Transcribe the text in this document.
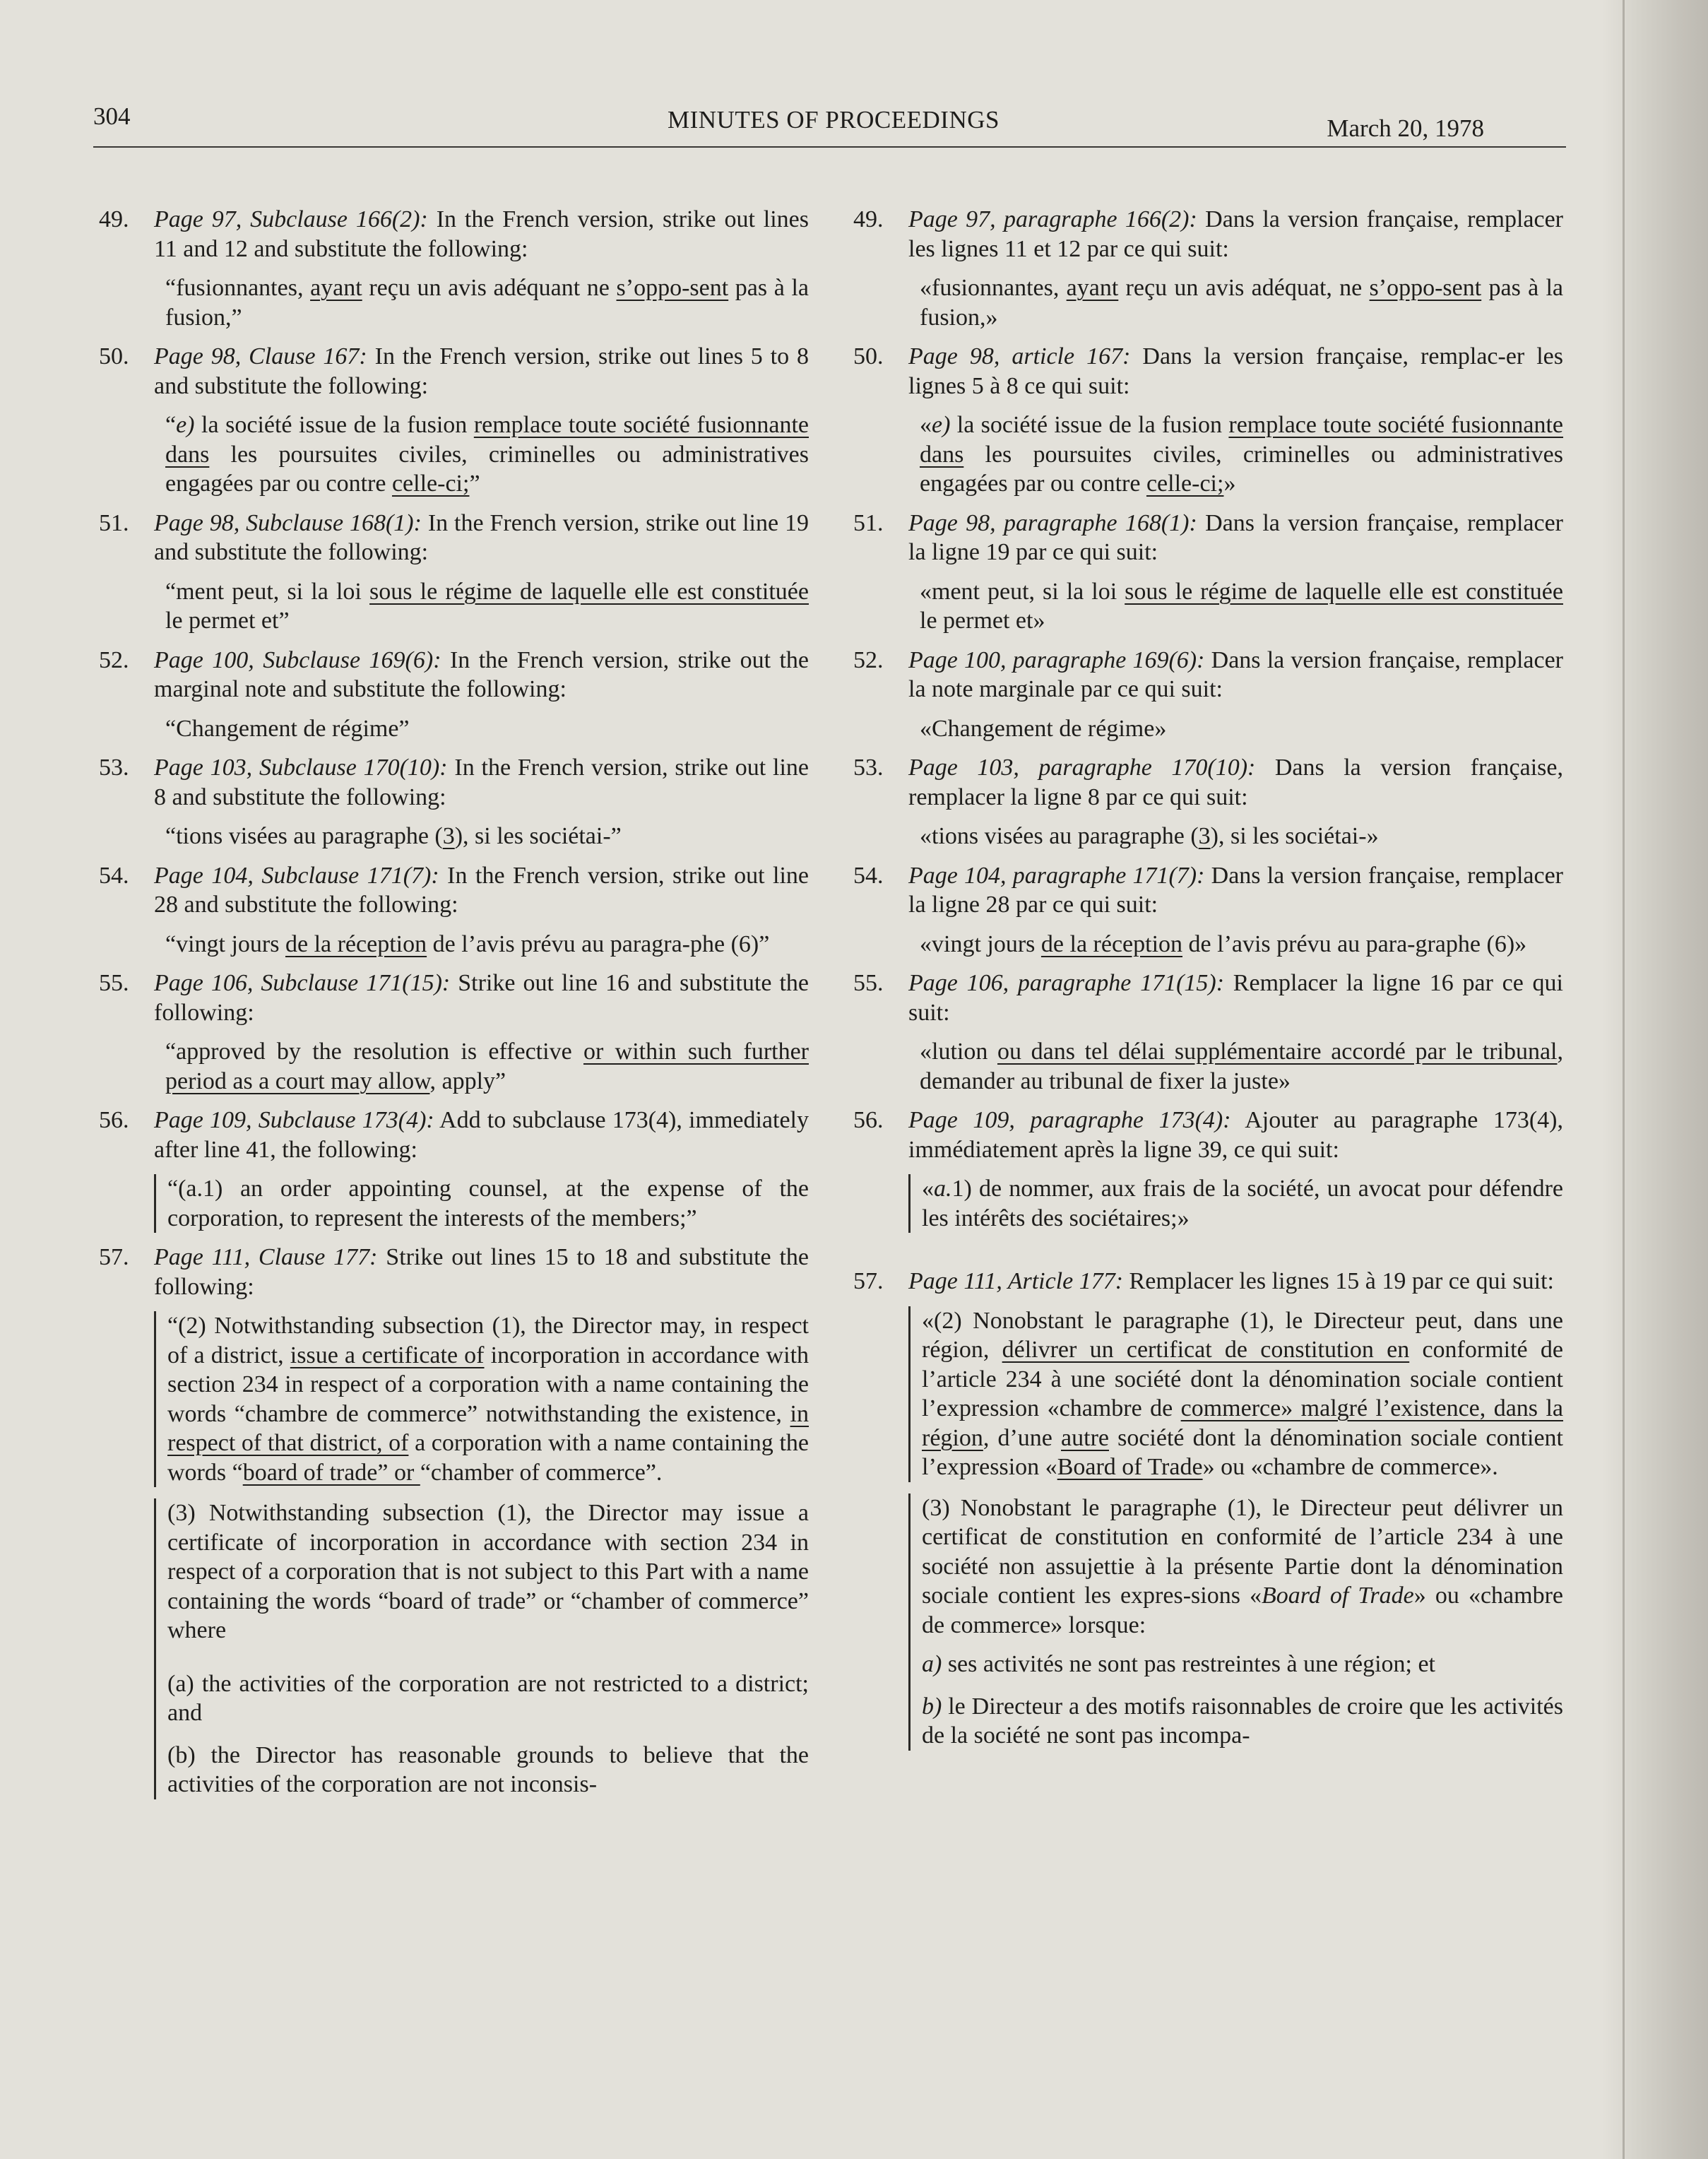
304	MINUTES OF PROCEEDINGS	March 20, 1978
49.	Page 97, Subclause 166(2): In the French version, strike out lines 11 and 12 and substitute the following:
“fusionnantes, ayant reçu un avis adéquant ne s’oppo-sent pas à la fusion,”
50.	Page 98, Clause 167: In the French version, strike out lines 5 to 8 and substitute the following:
“e) la société issue de la fusion remplace toute société fusionnante dans les poursuites civiles, criminelles ou administratives engagées par ou contre celle-ci;”
51.	Page 98, Subclause 168(1): In the French version, strike out line 19 and substitute the following:
“ment peut, si la loi sous le régime de laquelle elle est constituée le permet et”
52.	Page 100, Subclause 169(6): In the French version, strike out the marginal note and substitute the following:
“Changement de régime”
53.	Page 103, Subclause 170(10): In the French version, strike out line 8 and substitute the following:
“tions visées au paragraphe (3), si les sociétai-”
54.	Page 104, Subclause 171(7): In the French version, strike out line 28 and substitute the following:
“vingt jours de la réception de l’avis prévu au paragra-phe (6)”
55.	Page 106, Subclause 171(15): Strike out line 16 and substitute the following:
“approved by the resolution is effective or within such further period as a court may allow, apply”
56.	Page 109, Subclause 173(4): Add to subclause 173(4), immediately after line 41, the following:
“(a.1) an order appointing counsel, at the expense of the corporation, to represent the interests of the members;”
57.	Page 111, Clause 177: Strike out lines 15 to 18 and substitute the following:
“(2) Notwithstanding subsection (1), the Director may, in respect of a district, issue a certificate of incorporation in accordance with section 234 in respect of a corporation with a name containing the words “chambre de commerce” notwithstanding the existence, in respect of that district, of a corporation with a name containing the words “board of trade” or “chamber of commerce”.
(3) Notwithstanding subsection (1), the Director may issue a certificate of incorporation in accordance with section 234 in respect of a corporation that is not subject to this Part with a name containing the words “board of trade” or “chamber of commerce” where
(a) the activities of the corporation are not restricted to a district; and
(b) the Director has reasonable grounds to believe that the activities of the corporation are not inconsis-
49.	Page 97, paragraphe 166(2): Dans la version française, remplacer les lignes 11 et 12 par ce qui suit:
«fusionnantes, ayant reçu un avis adéquat, ne s’oppo-sent pas à la fusion,»
50.	Page 98, article 167: Dans la version française, remplac-er les lignes 5 à 8 ce qui suit:
«e) la société issue de la fusion remplace toute société fusionnante dans les poursuites civiles, criminelles ou administratives engagées par ou contre celle-ci;»
51.	Page 98, paragraphe 168(1): Dans la version française, remplacer la ligne 19 par ce qui suit:
«ment peut, si la loi sous le régime de laquelle elle est constituée le permet et»
52.	Page 100, paragraphe 169(6): Dans la version française, remplacer la note marginale par ce qui suit:
«Changement de régime»
53.	Page 103, paragraphe 170(10): Dans la version française, remplacer la ligne 8 par ce qui suit:
«tions visées au paragraphe (3), si les sociétai-»
54.	Page 104, paragraphe 171(7): Dans la version française, remplacer la ligne 28 par ce qui suit:
«vingt jours de la réception de l’avis prévu au para-graphe (6)»
55.	Page 106, paragraphe 171(15): Remplacer la ligne 16 par ce qui suit:
«lution ou dans tel délai supplémentaire accordé par le tribunal, demander au tribunal de fixer la juste»
56.	Page 109, paragraphe 173(4): Ajouter au paragraphe 173(4), immédiatement après la ligne 39, ce qui suit:
«a.1) de nommer, aux frais de la société, un avocat pour défendre les intérêts des sociétaires;»
57.	Page 111, Article 177: Remplacer les lignes 15 à 19 par ce qui suit:
«(2) Nonobstant le paragraphe (1), le Directeur peut, dans une région, délivrer un certificat de constitution en conformité de l’article 234 à une société dont la dénomination sociale contient l’expression «chambre de commerce» malgré l’existence, dans la région, d’une autre société dont la dénomination sociale contient l’expression «Board of Trade» ou «chambre de commerce».
(3) Nonobstant le paragraphe (1), le Directeur peut délivrer un certificat de constitution en conformité de l’article 234 à une société non assujettie à la présente Partie dont la dénomination sociale contient les expres-sions «Board of Trade» ou «chambre de commerce» lorsque:
a) ses activités ne sont pas restreintes à une région; et
b) le Directeur a des motifs raisonnables de croire que les activités de la société ne sont pas incompa-
